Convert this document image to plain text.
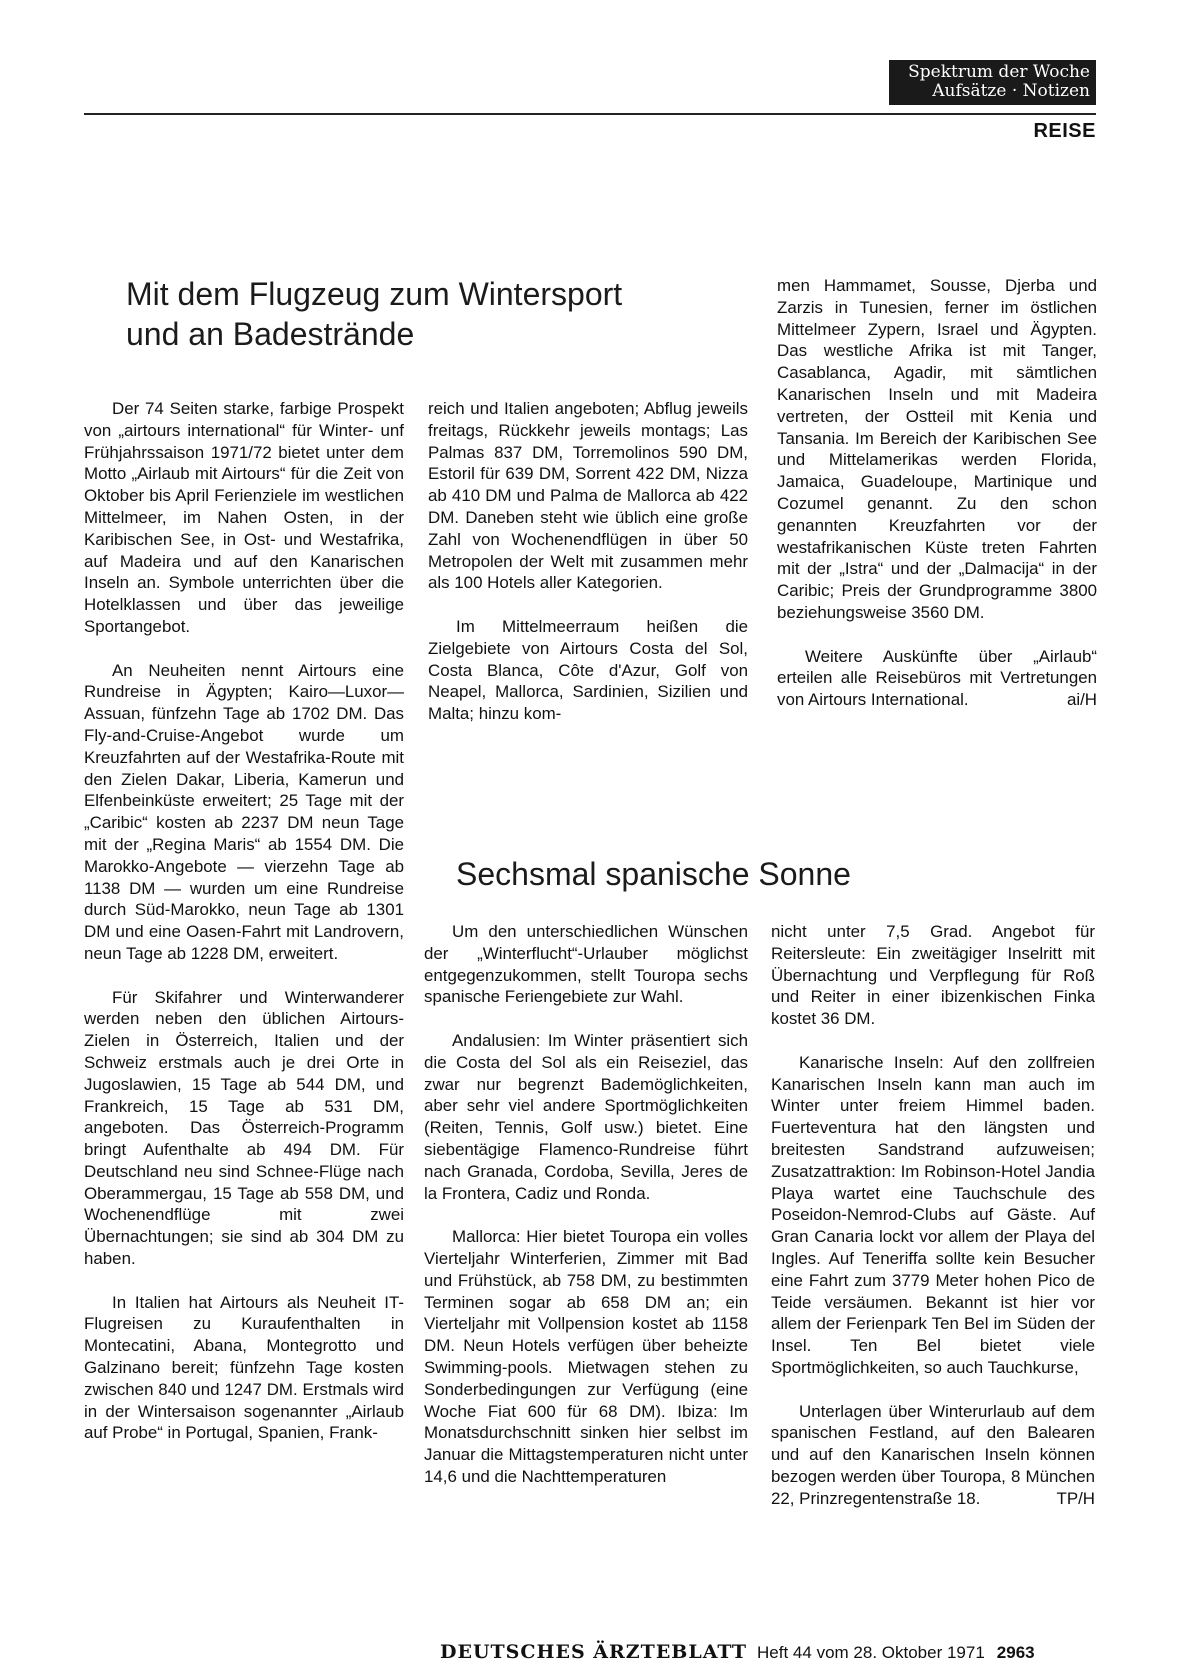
Spektrum der Woche
Aufsätze · Notizen
REISE
Mit dem Flugzeug zum Wintersport
und an Badestrände

Der 74 Seiten starke, farbige Prospekt von „airtours international“ für Winter- unf Frühjahrssaison 1971/72 bietet unter dem Motto „Airlaub mit Airtours“ für die Zeit von Oktober bis April Ferienziele im westlichen Mittelmeer, im Nahen Osten, in der Karibischen See, in Ost- und Westafrika, auf Madeira und auf den Kanarischen Inseln an. Symbole unterrichten über die Hotelklassen und über das jeweilige Sportangebot.

An Neuheiten nennt Airtours eine Rundreise in Ägypten; Kairo—Luxor—Assuan, fünfzehn Tage ab 1702 DM. Das Fly-and-Cruise-Angebot wurde um Kreuzfahrten auf der Westafrika-Route mit den Zielen Dakar, Liberia, Kamerun und Elfenbeinküste erweitert; 25 Tage mit der „Caribic“ kosten ab 2237 DM neun Tage mit der „Regina Maris“ ab 1554 DM. Die Marokko-Angebote — vierzehn Tage ab 1138 DM — wurden um eine Rundreise durch Süd-Marokko, neun Tage ab 1301 DM und eine Oasen-Fahrt mit Landrovern, neun Tage ab 1228 DM, erweitert.

Für Skifahrer und Winterwanderer werden neben den üblichen Airtours-Zielen in Österreich, Italien und der Schweiz erstmals auch je drei Orte in Jugoslawien, 15 Tage ab 544 DM, und Frankreich, 15 Tage ab 531 DM, angeboten. Das Österreich-Programm bringt Aufenthalte ab 494 DM. Für Deutschland neu sind Schnee-Flüge nach Oberammergau, 15 Tage ab 558 DM, und Wochenendflüge mit zwei Übernachtungen; sie sind ab 304 DM zu haben.

In Italien hat Airtours als Neuheit IT-Flugreisen zu Kuraufenthalten in Montecatini, Abana, Montegrotto und Galzinano bereit; fünfzehn Tage kosten zwischen 840 und 1247 DM. Erstmals wird in der Wintersaison sogenannter „Airlaub auf Probe“ in Portugal, Spanien, Frank-

reich und Italien angeboten; Abflug jeweils freitags, Rückkehr jeweils montags; Las Palmas 837 DM, Torremolinos 590 DM, Estoril für 639 DM, Sorrent 422 DM, Nizza ab 410 DM und Palma de Mallorca ab 422 DM. Daneben steht wie üblich eine große Zahl von Wochenendflügen in über 50 Metropolen der Welt mit zusammen mehr als 100 Hotels aller Kategorien.

Im Mittelmeerraum heißen die Zielgebiete von Airtours Costa del Sol, Costa Blanca, Côte d'Azur, Golf von Neapel, Mallorca, Sardinien, Sizilien und Malta; hinzu kom-

men Hammamet, Sousse, Djerba und Zarzis in Tunesien, ferner im östlichen Mittelmeer Zypern, Israel und Ägypten. Das westliche Afrika ist mit Tanger, Casablanca, Agadir, mit sämtlichen Kanarischen Inseln und mit Madeira vertreten, der Ostteil mit Kenia und Tansania. Im Bereich der Karibischen See und Mittelamerikas werden Florida, Jamaica, Guadeloupe, Martinique und Cozumel genannt. Zu den schon genannten Kreuzfahrten vor der westafrikanischen Küste treten Fahrten mit der „Istra“ und der „Dalmacija“ in der Caribic; Preis der Grundprogramme 3800 beziehungsweise 3560 DM.

Weitere Auskünfte über „Airlaub“ erteilen alle Reisebüros mit Vertretungen von Airtours International.	ai/H

Sechsmal spanische Sonne

Um den unterschiedlichen Wünschen der „Winterflucht“-Urlauber möglichst entgegenzukommen, stellt Touropa sechs spanische Feriengebiete zur Wahl.

Andalusien: Im Winter präsentiert sich die Costa del Sol als ein Reiseziel, das zwar nur begrenzt Bademöglichkeiten, aber sehr viel andere Sportmöglichkeiten (Reiten, Tennis, Golf usw.) bietet. Eine siebentägige Flamenco-Rundreise führt nach Granada, Cordoba, Sevilla, Jeres de la Frontera, Cadiz und Ronda.

Mallorca: Hier bietet Touropa ein volles Vierteljahr Winterferien, Zimmer mit Bad und Frühstück, ab 758 DM, zu bestimmten Terminen sogar ab 658 DM an; ein Vierteljahr mit Vollpension kostet ab 1158 DM. Neun Hotels verfügen über beheizte Swimming-pools. Mietwagen stehen zu Sonderbedingungen zur Verfügung (eine Woche Fiat 600 für 68 DM). Ibiza: Im Monatsdurchschnitt sinken hier selbst im Januar die Mittagstemperaturen nicht unter 14,6 und die Nachttemperaturen

nicht unter 7,5 Grad. Angebot für Reitersleute: Ein zweitägiger Inselritt mit Übernachtung und Verpflegung für Roß und Reiter in einer ibizenkischen Finka kostet 36 DM.

Kanarische Inseln: Auf den zollfreien Kanarischen Inseln kann man auch im Winter unter freiem Himmel baden. Fuerteventura hat den längsten und breitesten Sandstrand aufzuweisen; Zusatzattraktion: Im Robinson-Hotel Jandia Playa wartet eine Tauchschule des Poseidon-Nemrod-Clubs auf Gäste. Auf Gran Canaria lockt vor allem der Playa del Ingles. Auf Teneriffa sollte kein Besucher eine Fahrt zum 3779 Meter hohen Pico de Teide versäumen. Bekannt ist hier vor allem der Ferienpark Ten Bel im Süden der Insel. Ten Bel bietet viele Sportmöglichkeiten, so auch Tauchkurse,

Unterlagen über Winterurlaub auf dem spanischen Festland, auf den Balearen und auf den Kanarischen Inseln können bezogen werden über Touropa, 8 München 22, Prinzregentenstraße 18.	TP/H

DEUTSCHES ÄRZTEBLATT Heft 44 vom 28. Oktober 1971 2963
